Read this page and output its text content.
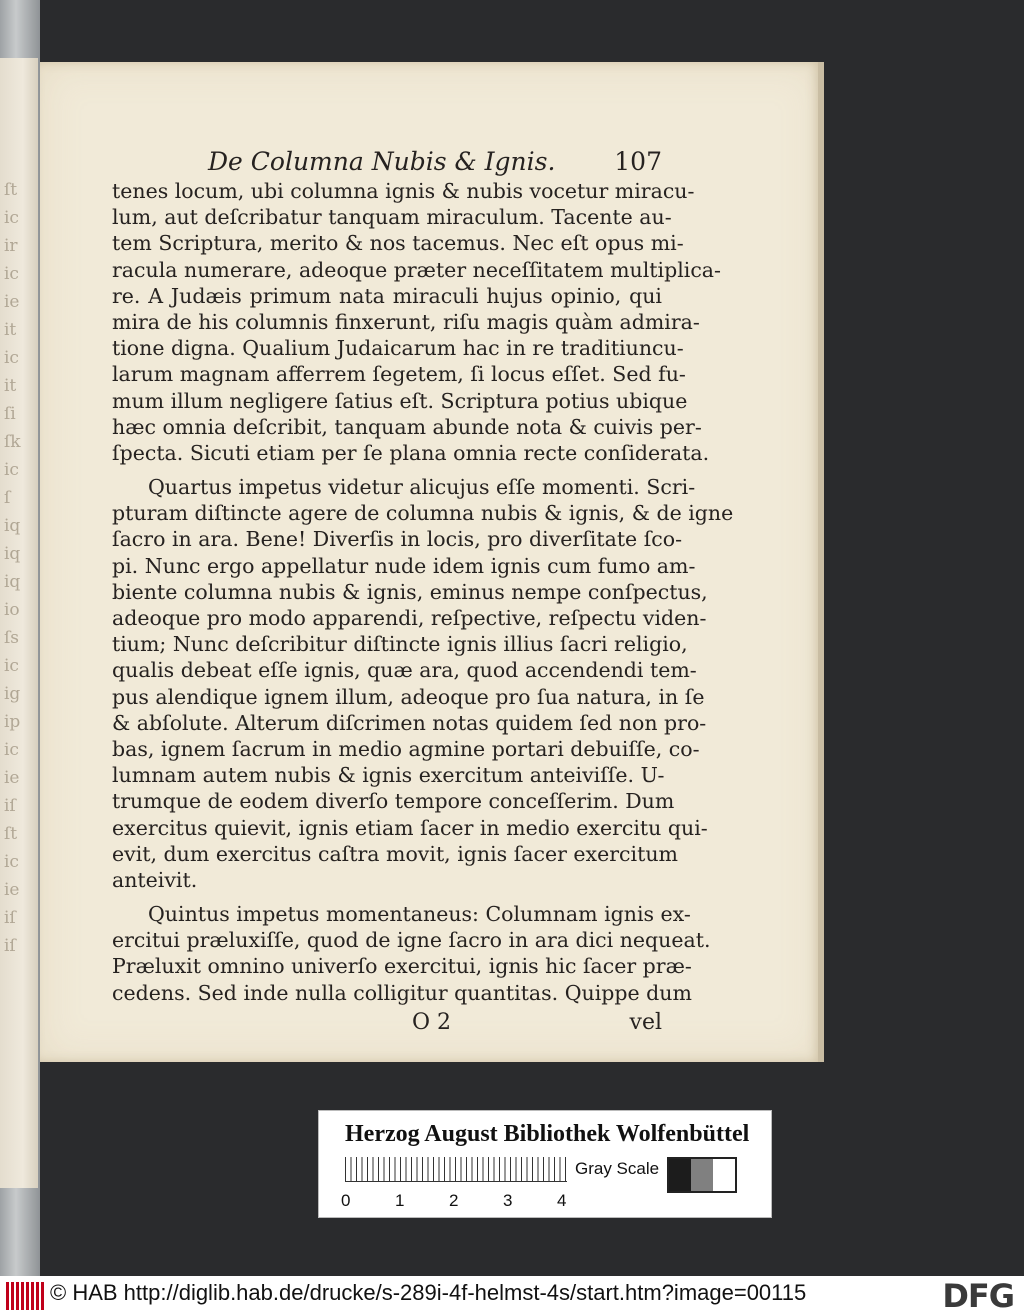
ſt
ic
ir
ic
ie
it
ic
it
ſi
ſk
ic
ſ
iq
iq
iq
io
ſs
ic
ig
ip
ic
ie
iſ
ſt
ic
ie
iſ
iſ
De Columna Nubis & Ignis. 107
tenes locum, ubi columna ignis & nubis vocetur miracu-
lum, aut deſcribatur tanquam miraculum. Tacente au-
tem Scriptura, merito & nos tacemus. Nec eſt opus mi-
racula numerare, adeoque præter neceſſitatem multiplica-
re. A Judæis primum nata miraculi hujus opinio, qui
mira de his columnis finxerunt, riſu magis quàm admira-
tione digna. Qualium Judaicarum hac in re traditiuncu-
larum magnam afferrem ſegetem, ſi locus eſſet. Sed fu-
mum illum negligere ſatius eſt. Scriptura potius ubique
hæc omnia deſcribit, tanquam abunde nota & cuivis per-
ſpecta. Sicuti etiam per ſe plana omnia recte conſiderata.
Quartus impetus videtur alicujus eſſe momenti. Scri-
pturam diſtincte agere de columna nubis & ignis, & de igne
ſacro in ara. Bene! Diverſis in locis, pro diverſitate ſco-
pi. Nunc ergo appellatur nude idem ignis cum fumo am-
biente columna nubis & ignis, eminus nempe conſpectus,
adeoque pro modo apparendi, reſpective, reſpectu viden-
tium; Nunc deſcribitur diſtincte ignis illius ſacri religio,
qualis debeat eſſe ignis, quæ ara, quod accendendi tem-
pus alendique ignem illum, adeoque pro ſua natura, in ſe
& abſolute. Alterum diſcrimen notas quidem ſed non pro-
bas, ignem ſacrum in medio agmine portari debuiſſe, co-
lumnam autem nubis & ignis exercitum anteiviſſe. U-
trumque de eodem diverſo tempore conceſſerim. Dum
exercitus quievit, ignis etiam ſacer in medio exercitu qui-
evit, dum exercitus caſtra movit, ignis ſacer exercitum
anteivit.
Quintus impetus momentaneus: Columnam ignis ex-
ercitui præluxiſſe, quod de igne ſacro in ara dici nequeat.
Præluxit omnino univerſo exercitui, ignis hic ſacer præ-
cedens. Sed inde nulla colligitur quantitas. Quippe dum
O 2	vel
Herzog August Bibliothek Wolfenbüttel
0	1	2	3	4
Gray Scale
© HAB http://diglib.hab.de/drucke/s-289i-4f-helmst-4s/start.htm?image=00115	DFG
